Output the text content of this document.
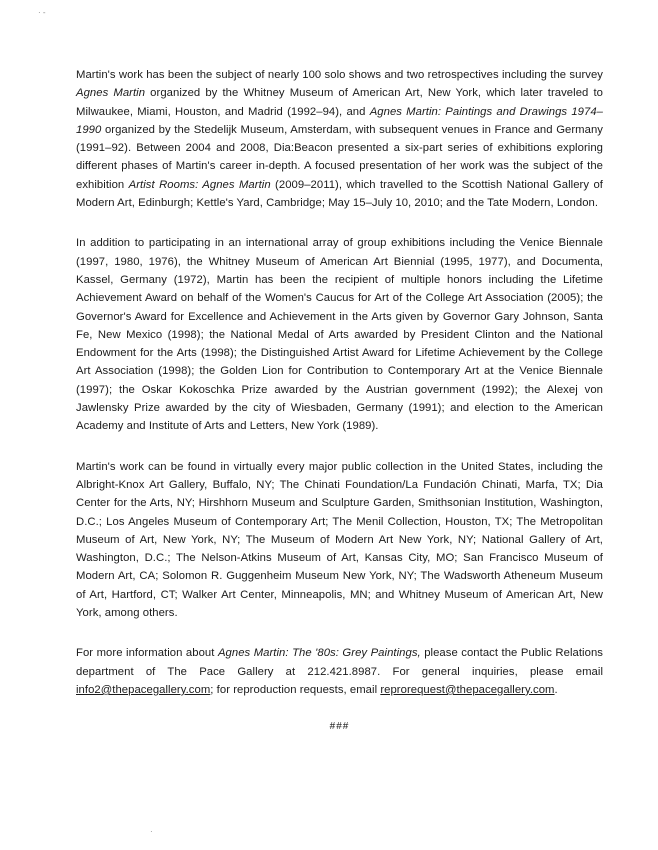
· -
·

Martin's work has been the subject of nearly 100 solo shows and two retrospectives including the survey Agnes Martin organized by the Whitney Museum of American Art, New York, which later traveled to Milwaukee, Miami, Houston, and Madrid (1992–94), and Agnes Martin: Paintings and Drawings 1974–1990 organized by the Stedelijk Museum, Amsterdam, with subsequent venues in France and Germany (1991–92). Between 2004 and 2008, Dia:Beacon presented a six-part series of exhibitions exploring different phases of Martin's career in-depth. A focused presentation of her work was the subject of the exhibition Artist Rooms: Agnes Martin (2009–2011), which travelled to the Scottish National Gallery of Modern Art, Edinburgh; Kettle's Yard, Cambridge; May 15–July 10, 2010; and the Tate Modern, London.

In addition to participating in an international array of group exhibitions including the Venice Biennale (1997, 1980, 1976), the Whitney Museum of American Art Biennial (1995, 1977), and Documenta, Kassel, Germany (1972), Martin has been the recipient of multiple honors including the Lifetime Achievement Award on behalf of the Women's Caucus for Art of the College Art Association (2005); the Governor's Award for Excellence and Achievement in the Arts given by Governor Gary Johnson, Santa Fe, New Mexico (1998); the National Medal of Arts awarded by President Clinton and the National Endowment for the Arts (1998); the Distinguished Artist Award for Lifetime Achievement by the College Art Association (1998); the Golden Lion for Contribution to Contemporary Art at the Venice Biennale (1997); the Oskar Kokoschka Prize awarded by the Austrian government (1992); the Alexej von Jawlensky Prize awarded by the city of Wiesbaden, Germany (1991); and election to the American Academy and Institute of Arts and Letters, New York (1989).

Martin's work can be found in virtually every major public collection in the United States, including the Albright-Knox Art Gallery, Buffalo, NY; The Chinati Foundation/La Fundación Chinati, Marfa, TX; Dia Center for the Arts, NY; Hirshhorn Museum and Sculpture Garden, Smithsonian Institution, Washington, D.C.; Los Angeles Museum of Contemporary Art; The Menil Collection, Houston, TX; The Metropolitan Museum of Art, New York, NY; The Museum of Modern Art New York, NY; National Gallery of Art, Washington, D.C.; The Nelson-Atkins Museum of Art, Kansas City, MO; San Francisco Museum of Modern Art, CA; Solomon R. Guggenheim Museum New York, NY; The Wadsworth Atheneum Museum of Art, Hartford, CT; Walker Art Center, Minneapolis, MN; and Whitney Museum of American Art, New York, among others.

For more information about Agnes Martin: The '80s: Grey Paintings, please contact the Public Relations department of The Pace Gallery at 212.421.8987. For general inquiries, please email info2@thepacegallery.com; for reproduction requests, email reprorequest@thepacegallery.com.

###
